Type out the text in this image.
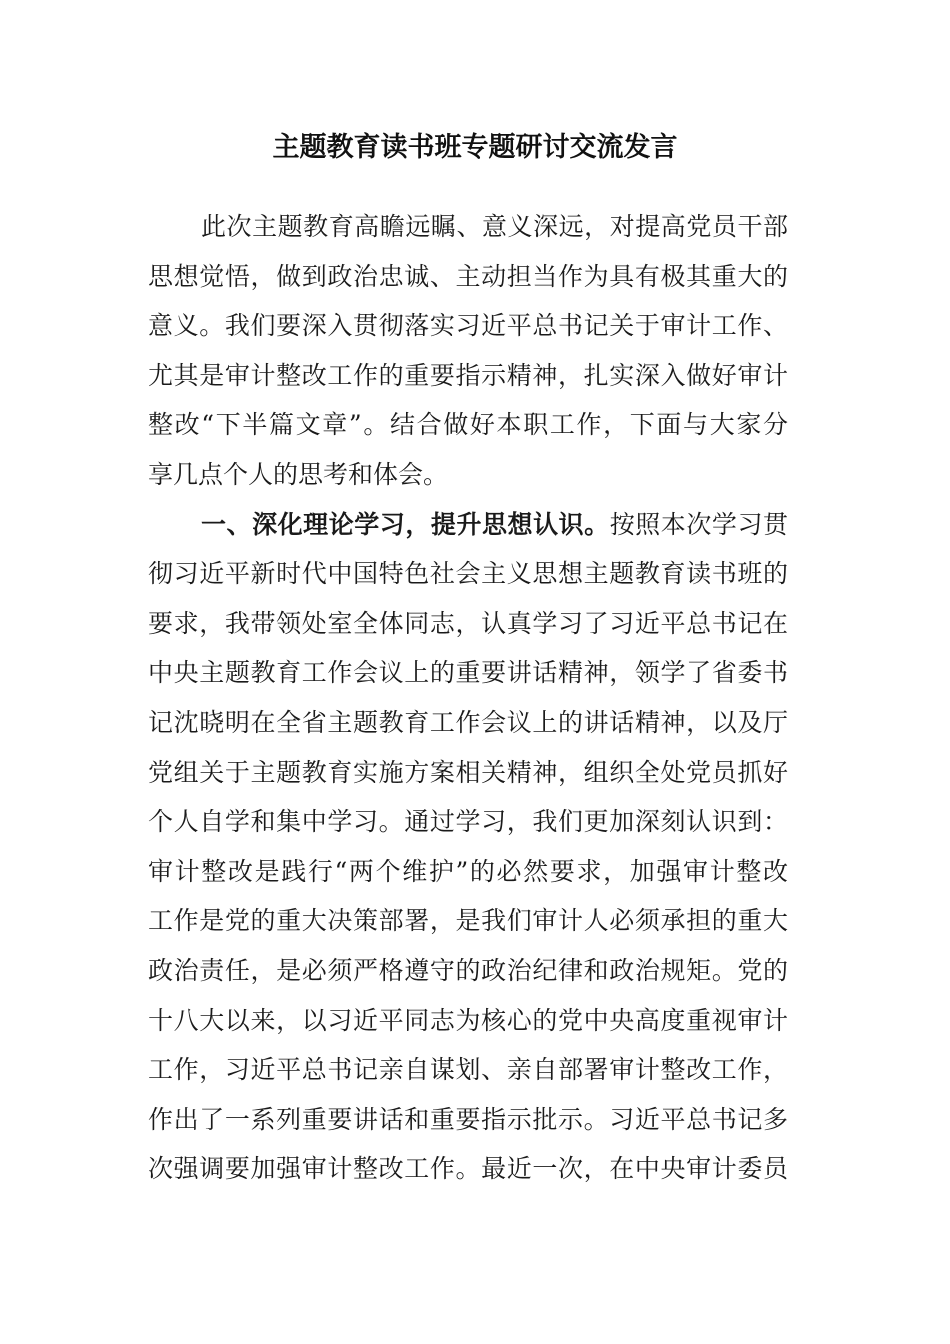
主题教育读书班专题研讨交流发言
此次主题教育高瞻远瞩、意义深远，对提高党员干部
思想觉悟，做到政治忠诚、主动担当作为具有极其重大的
意义。我们要深入贯彻落实习近平总书记关于审计工作、
尤其是审计整改工作的重要指示精神，扎实深入做好审计
整改“下半篇文章”。结合做好本职工作，下面与大家分
享几点个人的思考和体会。
一、深化理论学习，提升思想认识。按照本次学习贯
彻习近平新时代中国特色社会主义思想主题教育读书班的
要求，我带领处室全体同志，认真学习了习近平总书记在
中央主题教育工作会议上的重要讲话精神，领学了省委书
记沈晓明在全省主题教育工作会议上的讲话精神，以及厅
党组关于主题教育实施方案相关精神，组织全处党员抓好
个人自学和集中学习。通过学习，我们更加深刻认识到：
审计整改是践行“两个维护”的必然要求，加强审计整改
工作是党的重大决策部署，是我们审计人必须承担的重大
政治责任，是必须严格遵守的政治纪律和政治规矩。党的
十八大以来，以习近平同志为核心的党中央高度重视审计
工作，习近平总书记亲自谋划、亲自部署审计整改工作，
作出了一系列重要讲话和重要指示批示。习近平总书记多
次强调要加强审计整改工作。最近一次，在中央审计委员
